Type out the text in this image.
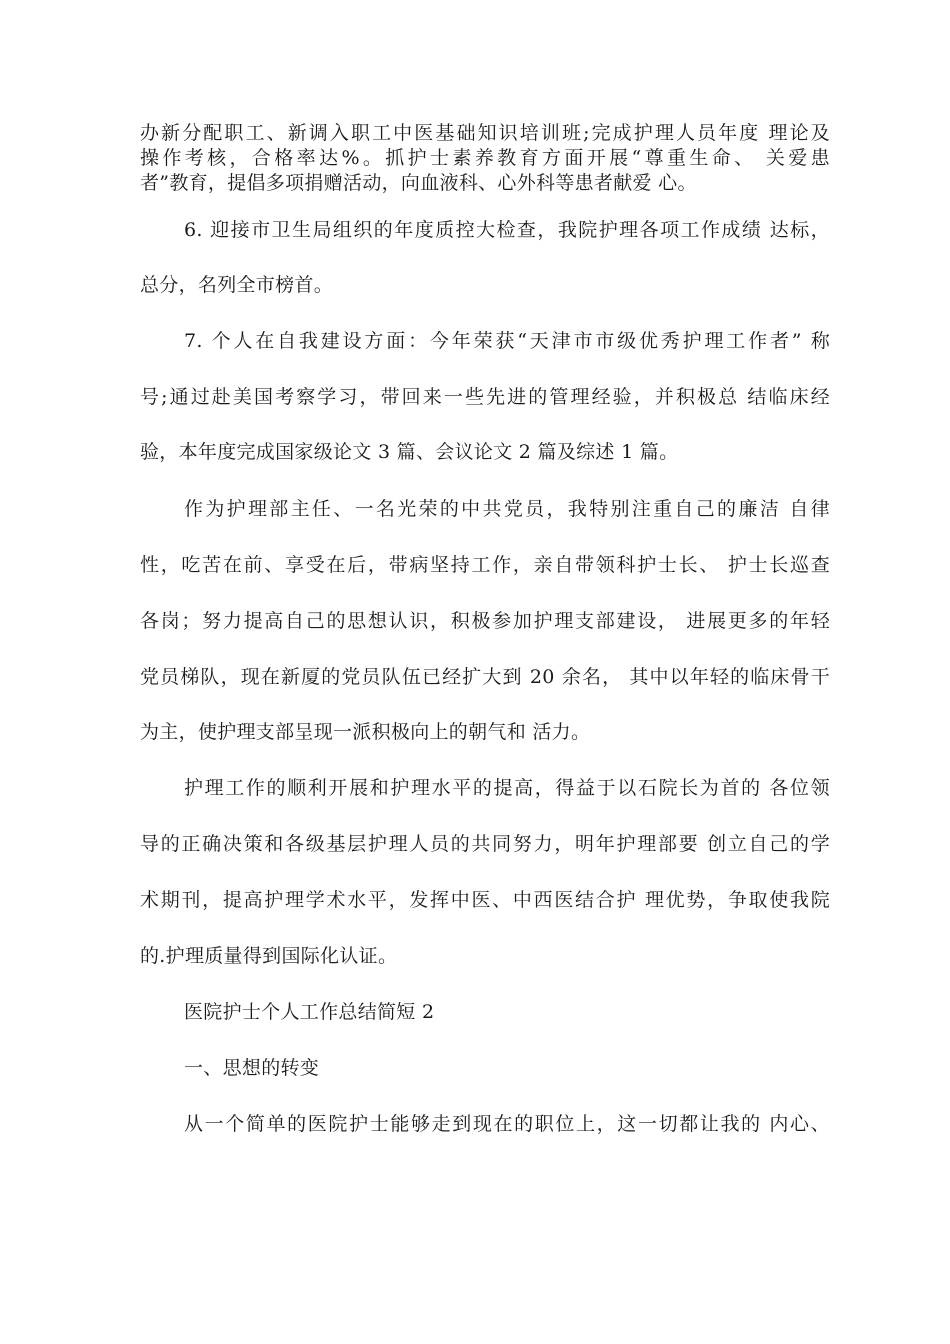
办新分配职工、新调入职工中医基础知识培训班;完成护理人员年度 理论及
操作考核，合格率达%。抓护士素养教育方面开展“尊重生命、 关爱患
者”教育，提倡多项捐赠活动，向血液科、心外科等患者献爱 心。
6. 迎接市卫生局组织的年度质控大检查，我院护理各项工作成绩 达标，
总分，名列全市榜首。
7. 个人在自我建设方面：今年荣获“天津市市级优秀护理工作者” 称
号;通过赴美国考察学习，带回来一些先进的管理经验，并积极总 结临床经
验，本年度完成国家级论文 3 篇、会议论文 2 篇及综述 1 篇。
作为护理部主任、一名光荣的中共党员，我特别注重自己的廉洁 自律
性，吃苦在前、享受在后，带病坚持工作，亲自带领科护士长、 护士长巡查
各岗；努力提高自己的思想认识，积极参加护理支部建设， 进展更多的年轻
党员梯队，现在新厦的党员队伍已经扩大到 20 余名， 其中以年轻的临床骨干
为主，使护理支部呈现一派积极向上的朝气和 活力。
护理工作的顺利开展和护理水平的提高，得益于以石院长为首的 各位领
导的正确决策和各级基层护理人员的共同努力，明年护理部要 创立自己的学
术期刊，提高护理学术水平，发挥中医、中西医结合护 理优势，争取使我院
的.护理质量得到国际化认证。
医院护士个人工作总结简短 2
一、思想的转变
从一个简单的医院护士能够走到现在的职位上，这一切都让我的 内心、
